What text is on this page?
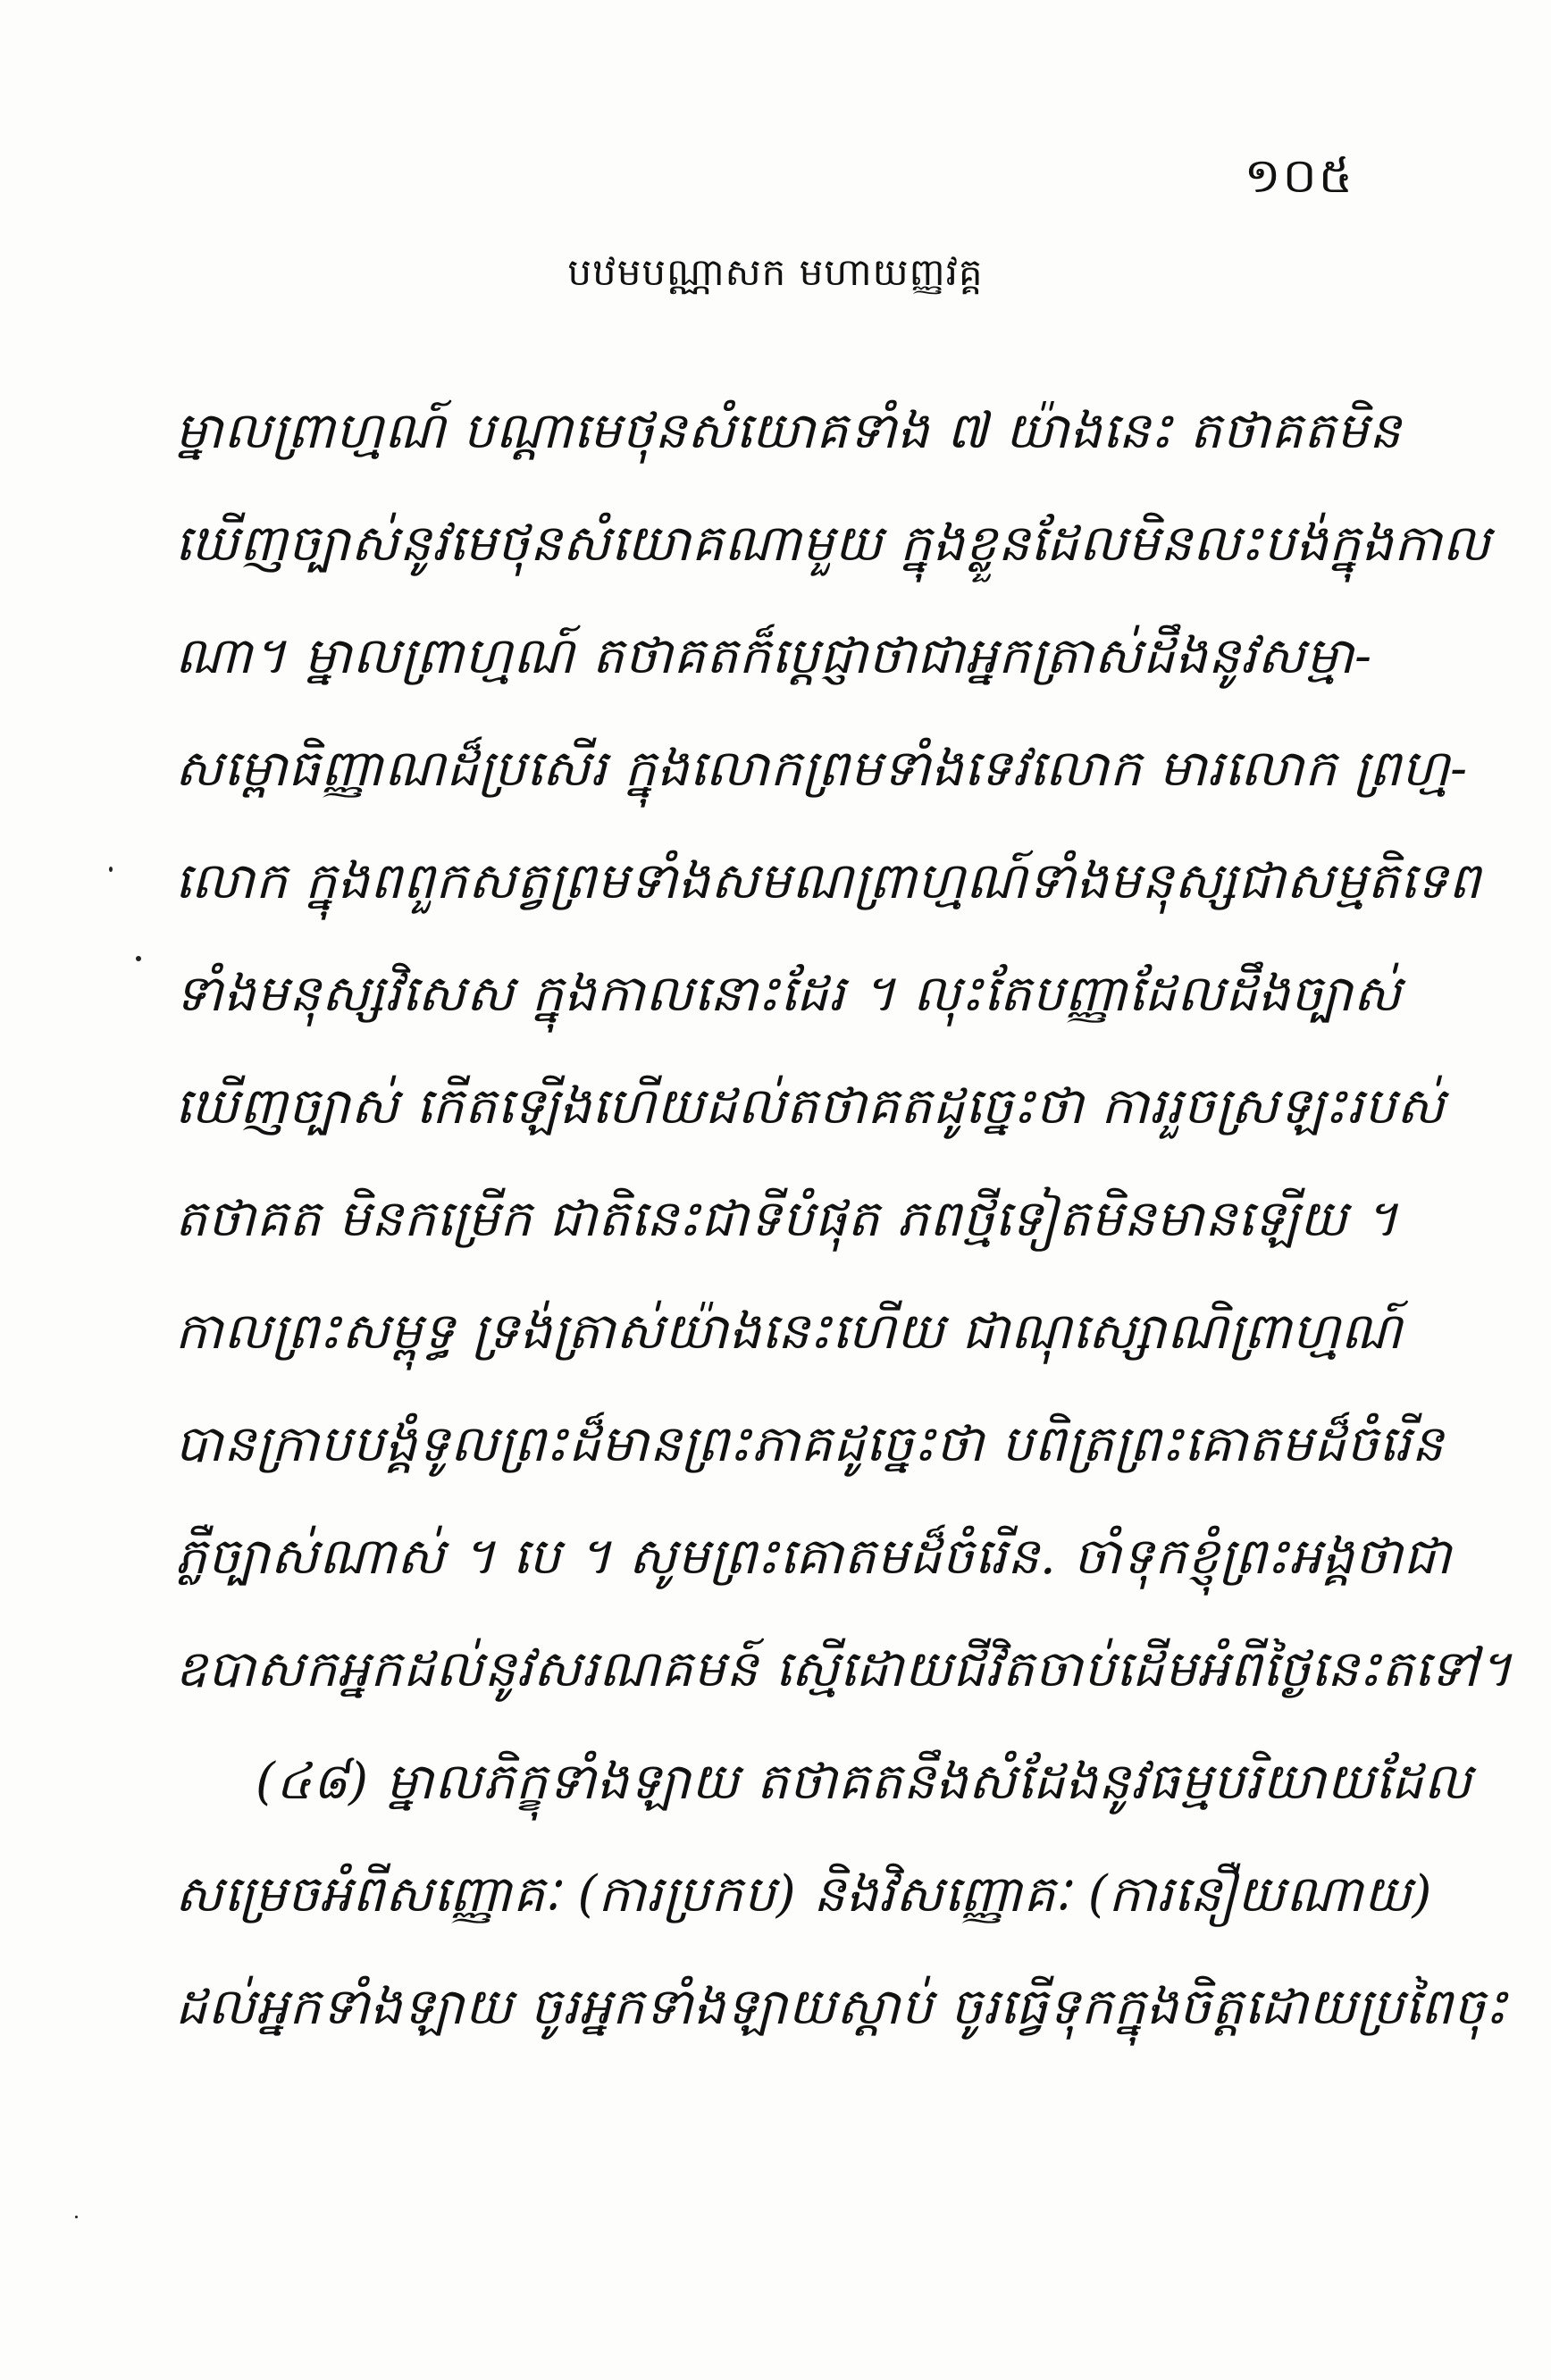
១០៥
បឋមបណ្ណាសក មហាយញ្ញវគ្គ
ម្នាលព្រាហ្មណ៍ បណ្ដាមេថុនសំយោគទាំង ៧ យ៉ាងនេះ តថាគតមិន
ឃើញច្បាស់នូវមេថុនសំយោគណាមួយ ក្នុងខ្លួនដែលមិនលះបង់ក្នុងកាល
ណា។ ម្នាលព្រាហ្មណ៍ តថាគតក៏ប្ដេជ្ញាថាជាអ្នកត្រាស់ដឹងនូវសម្មា-
សម្ពោធិញ្ញាណដ៏ប្រសើរ ក្នុងលោកព្រមទាំងទេវលោក មារលោក ព្រហ្ម-
លោក ក្នុងពពួកសត្វព្រមទាំងសមណព្រាហ្មណ៍ទាំងមនុស្សជាសម្មតិទេព
ទាំងមនុស្សវិសេស ក្នុងកាលនោះដែរ ។ លុះតែបញ្ញាដែលដឹងច្បាស់
ឃើញច្បាស់ កើតឡើងហើយដល់តថាគតដូច្នេះថា ការរួចស្រឡះរបស់
តថាគត មិនកម្រើក ជាតិនេះជាទីបំផុត ភពថ្មីទៀតមិនមានឡើយ ។
កាលព្រះសម្ពុទ្ធ ទ្រង់ត្រាស់យ៉ាងនេះហើយ ជាណុស្សោណិព្រាហ្មណ៍
បានក្រាបបង្គំទូលព្រះដ៏មានព្រះភាគដូច្នេះថា បពិត្រព្រះគោតមដ៏ចំរើន
ភ្លឺច្បាស់ណាស់ ។ បេ ។ សូមព្រះគោតមដ៏ចំរើន. ចាំទុកខ្ញុំព្រះអង្គថាជា
ឧបាសកអ្នកដល់នូវសរណគមន៍ ស្មើដោយជីវិតចាប់ដើមអំពីថ្ងៃនេះតទៅ។
(៤៨) ម្នាលភិក្ខុទាំងឡាយ តថាគតនឹងសំដែងនូវធម្មបរិយាយដែល
សម្រេចអំពីសញ្ញោគៈ (ការប្រកប) និងវិសញ្ញោគៈ (ការនឿយណាយ)
ដល់អ្នកទាំងឡាយ ចូរអ្នកទាំងឡាយស្ដាប់ ចូរធ្វើទុកក្នុងចិត្តដោយប្រពៃចុះ
